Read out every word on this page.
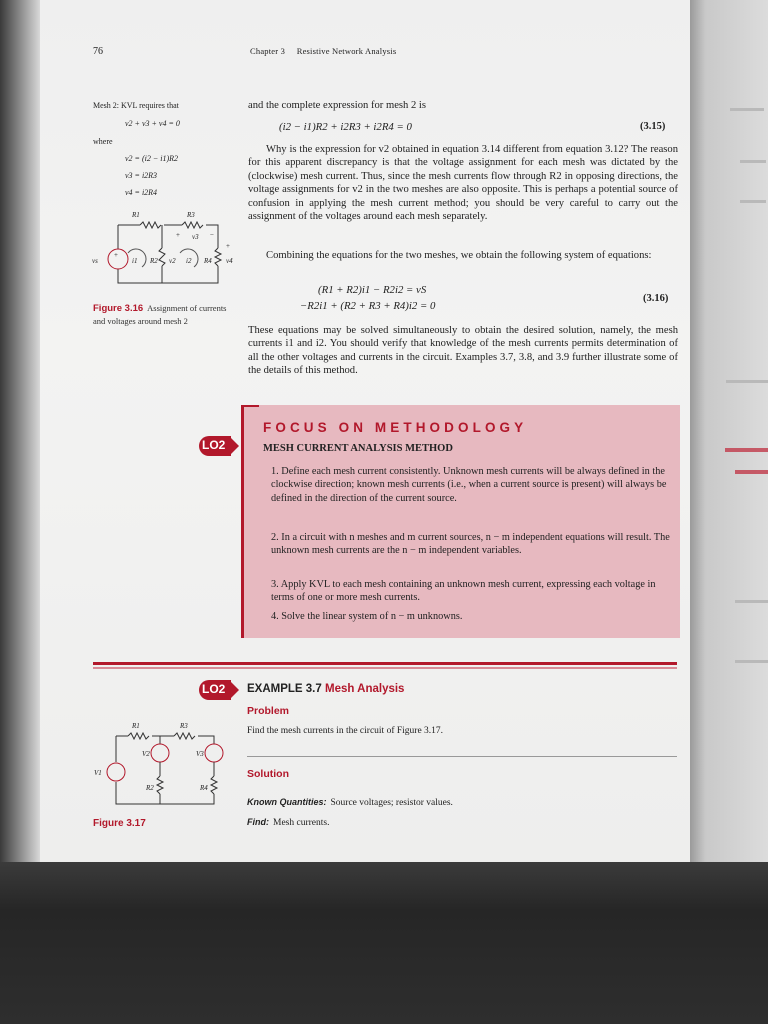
76	Chapter 3     Resistive Network Analysis
Mesh 2: KVL requires that
v2 + v3 + v4 = 0
where
v2 = (i2 − i1)R2
v3 = i2R3
v4 = i2R4
R1	R3
vs	i1 R2 v2 i2 R4 v4
v3
+
+
+
−
Figure 3.16 Assignment of currents and voltages around mesh 2
and the complete expression for mesh 2 is
(i2 − i1)R2 + i2R3 + i2R4 = 0	(3.15)
Why is the expression for v2 obtained in equation 3.14 different from equation 3.12? The reason for this apparent discrepancy is that the voltage assignment for each mesh was dictated by the (clockwise) mesh current. Thus, since the mesh currents flow through R2 in opposing directions, the voltage assignments for v2 in the two meshes are also opposite. This is perhaps a potential source of confusion in applying the mesh current method; you should be very careful to carry out the assignment of the voltages around each mesh separately.
Combining the equations for the two meshes, we obtain the following system of equations:
(R1 + R2)i1 − R2i2 = vS
−R2i1 + (R2 + R3 + R4)i2 = 0
(3.16)
These equations may be solved simultaneously to obtain the desired solution, namely, the mesh currents i1 and i2. You should verify that knowledge of the mesh currents permits determination of all the other voltages and currents in the circuit. Examples 3.7, 3.8, and 3.9 further illustrate some of the details of this method.
LO2
FOCUS ON METHODOLOGY
MESH CURRENT ANALYSIS METHOD
1. Define each mesh current consistently. Unknown mesh currents will be always defined in the clockwise direction; known mesh currents (i.e., when a current source is present) will always be defined in the direction of the current source.
2. In a circuit with n meshes and m current sources, n − m independent equations will result. The unknown mesh currents are the n − m independent variables.
3. Apply KVL to each mesh containing an unknown mesh current, expressing each voltage in terms of one or more mesh currents.
4. Solve the linear system of n − m unknowns.
LO2 EXAMPLE 3.7 Mesh Analysis
Problem
Find the mesh currents in the circuit of Figure 3.17.
Solution
Known Quantities: Source voltages; resistor values.
Find: Mesh currents.
R1	R3
V1
V2	V3
R2	R4
Figure 3.17
